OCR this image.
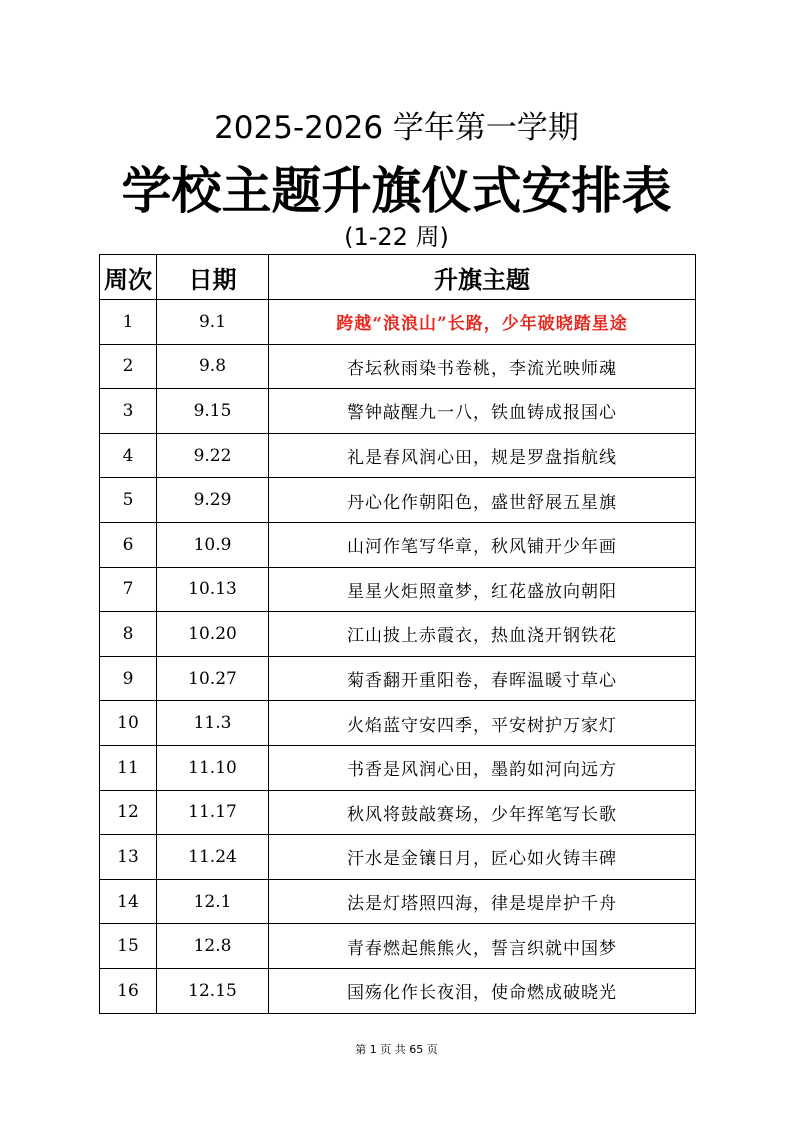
2025-2026 学年第一学期
学校主题升旗仪式安排表
(1-22 周)
周次	日期	升旗主题
1	9.1	跨越“浪浪山”长路，少年破晓踏星途
2	9.8	杏坛秋雨染书卷桃，李流光映师魂
3	9.15	警钟敲醒九一八，铁血铸成报国心
4	9.22	礼是春风润心田，规是罗盘指航线
5	9.29	丹心化作朝阳色，盛世舒展五星旗
6	10.9	山河作笔写华章，秋风铺开少年画
7	10.13	星星火炬照童梦，红花盛放向朝阳
8	10.20	江山披上赤霞衣，热血浇开钢铁花
9	10.27	菊香翻开重阳卷，春晖温暖寸草心
10	11.3	火焰蓝守安四季，平安树护万家灯
11	11.10	书香是风润心田，墨韵如河向远方
12	11.17	秋风将鼓敲赛场，少年挥笔写长歌
13	11.24	汗水是金镶日月，匠心如火铸丰碑
14	12.1	法是灯塔照四海，律是堤岸护千舟
15	12.8	青春燃起熊熊火，誓言织就中国梦
16	12.15	国殇化作长夜泪，使命燃成破晓光
第 1 页 共 65 页
